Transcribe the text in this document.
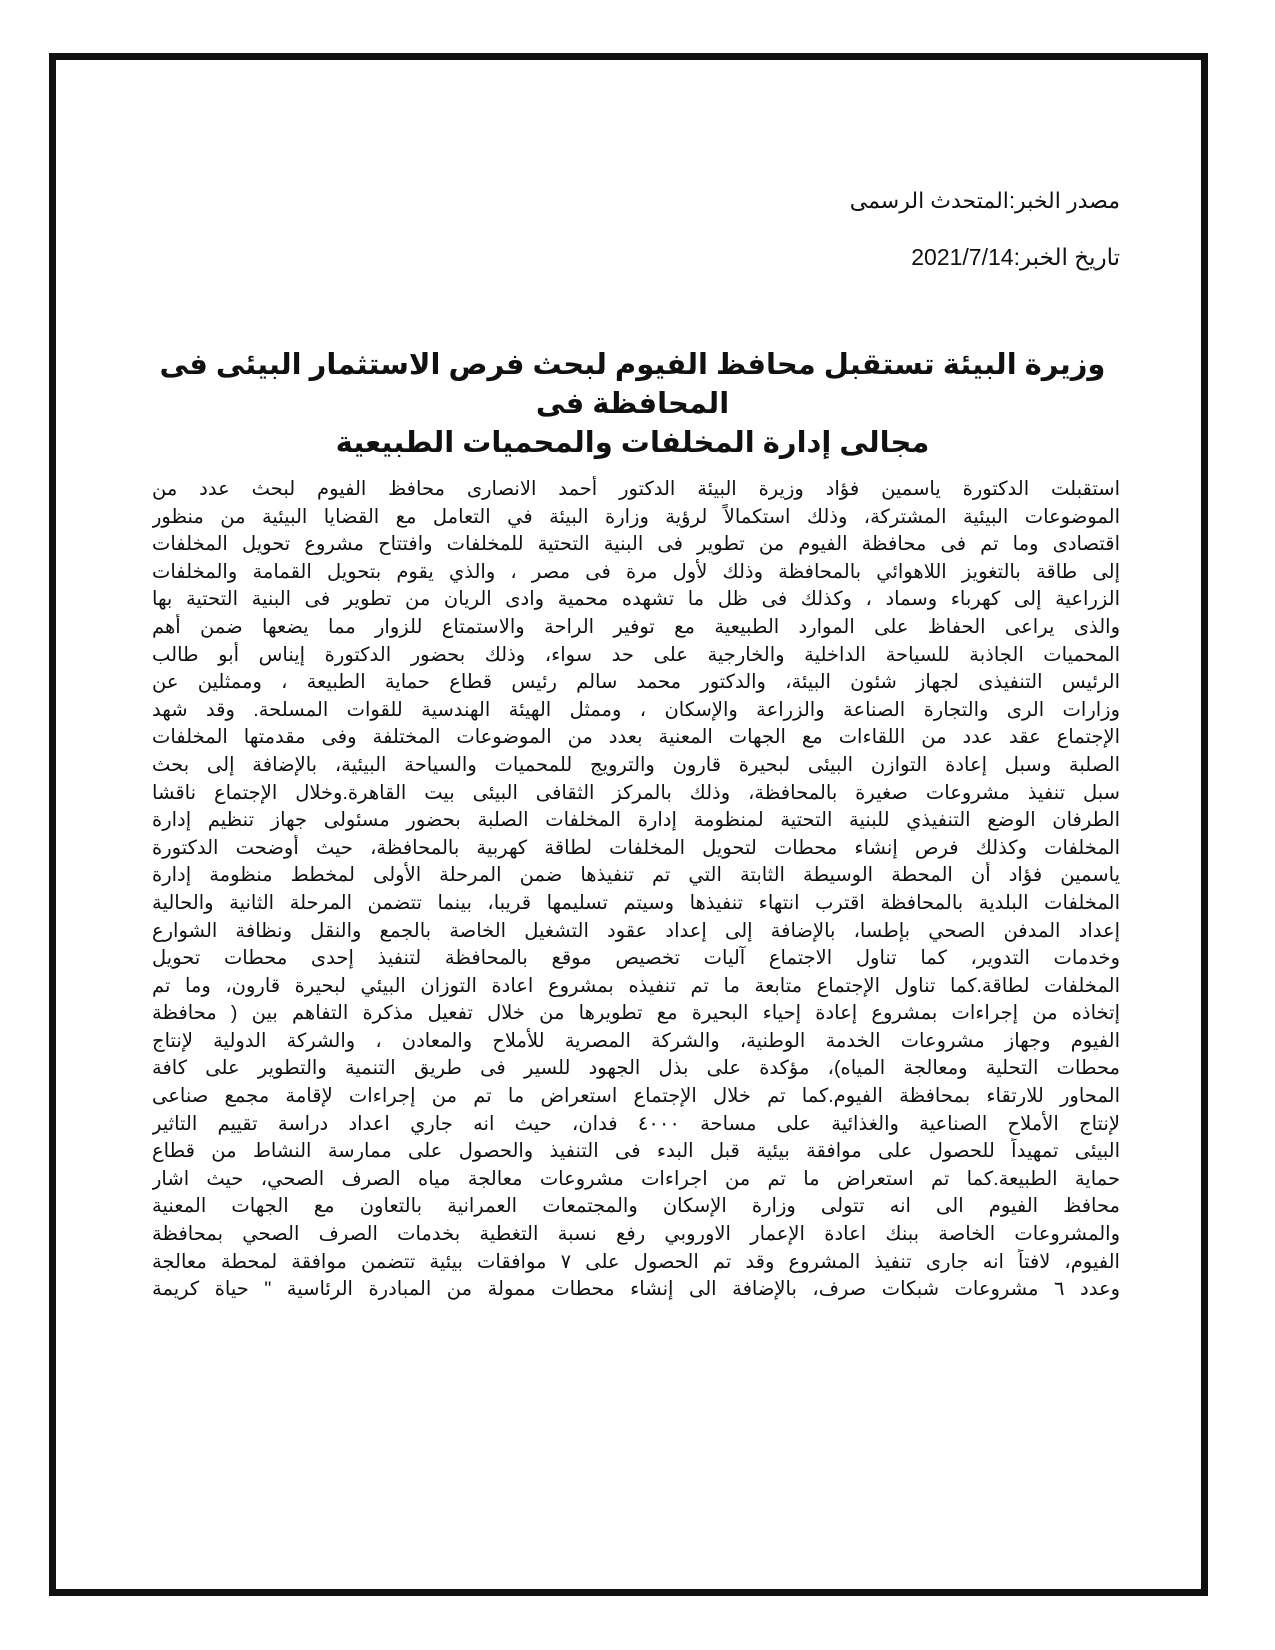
مصدر الخبر:المتحدث الرسمى
تاريخ الخبر:2021/7/14
وزيرة البيئة تستقبل محافظ الفيوم لبحث فرص الاستثمار البيئى فى المحافظة فى
مجالى إدارة المخلفات والمحميات الطبيعية
استقبلت الدكتورة ياسمين فؤاد وزيرة البيئة الدكتور أحمد الانصارى محافظ الفيوم لبحث عدد من
الموضوعات البيئية المشتركة، وذلك استكمالاً لرؤية وزارة البيئة في التعامل مع القضايا البيئية من منظور
اقتصادى وما تم فى محافظة الفيوم من تطوير فى البنية التحتية للمخلفات وافتتاح مشروع تحويل المخلفات
إلى طاقة بالتغويز اللاهوائي بالمحافظة وذلك لأول مرة فى مصر ، والذي يقوم بتحويل القمامة والمخلفات
الزراعية إلى كهرباء وسماد ، وكذلك فى ظل ما تشهده محمية وادى الريان من تطوير فى البنية التحتية بها
والذى يراعى الحفاظ على الموارد الطبيعية مع توفير الراحة والاستمتاع للزوار مما يضعها ضمن أهم
المحميات الجاذبة للسياحة الداخلية والخارجية على حد سواء، وذلك بحضور الدكتورة إيناس أبو طالب
الرئيس التنفيذى لجهاز شئون البيئة، والدكتور محمد سالم رئيس قطاع حماية الطبيعة ، وممثلين عن
وزارات الرى والتجارة الصناعة والزراعة والإسكان ، وممثل الهيئة الهندسية للقوات المسلحة. وقد شهد
الإجتماع عقد عدد من اللقاءات مع الجهات المعنية بعدد من الموضوعات المختلفة وفى مقدمتها المخلفات
الصلبة وسبل إعادة التوازن البيئى لبحيرة قارون والترويج للمحميات والسياحة البيئية، بالإضافة إلى بحث
سبل تنفيذ مشروعات صغيرة بالمحافظة، وذلك بالمركز الثقافى البيئى بيت القاهرة.وخلال الإجتماع ناقشا
الطرفان الوضع التنفيذي للبنية التحتية لمنظومة إدارة المخلفات الصلبة بحضور مسئولى جهاز تنظيم إدارة
المخلفات وكذلك فرص إنشاء محطات لتحويل المخلفات لطاقة كهربية بالمحافظة، حيث أوضحت الدكتورة
ياسمين فؤاد أن المحطة الوسيطة الثابتة التي تم تنفيذها ضمن المرحلة الأولى لمخطط منظومة إدارة
المخلفات البلدية بالمحافظة اقترب انتهاء تنفيذها وسيتم تسليمها قريبا، بينما تتضمن المرحلة الثانية والحالية
إعداد المدفن الصحي بإطسا، بالإضافة إلى إعداد عقود التشغيل الخاصة بالجمع والنقل ونظافة الشوارع
وخدمات التدوير، كما تناول الاجتماع آليات تخصيص موقع بالمحافظة لتنفيذ إحدى محطات تحويل
المخلفات لطاقة.كما تناول الإجتماع متابعة ما تم تنفيذه بمشروع اعادة التوزان البيئي لبحيرة قارون، وما تم
إتخاذه من إجراءات بمشروع إعادة إحياء البحيرة مع تطويرها من خلال تفعيل مذكرة التفاهم بين ( محافظة
الفيوم وجهاز مشروعات الخدمة الوطنية، والشركة المصرية للأملاح والمعادن ، والشركة الدولية لإنتاج
محطات التحلية ومعالجة المياه)، مؤكدة على بذل الجهود للسير فى طريق التنمية والتطوير على كافة
المحاور للارتقاء بمحافظة الفيوم.كما تم خلال الإجتماع استعراض ما تم من إجراءات لإقامة مجمع صناعى
لإنتاج الأملاح الصناعية والغذائية على مساحة ٤٠٠٠ فدان، حيث انه جاري اعداد دراسة تقييم التاثير
البيئى تمهيداً للحصول على موافقة بيئية قبل البدء فى التنفيذ والحصول على ممارسة النشاط من قطاع
حماية الطبيعة.كما تم استعراض ما تم من اجراءات مشروعات معالجة مياه الصرف الصحي، حيث اشار
محافظ الفيوم الى انه تتولى وزارة الإسكان والمجتمعات العمرانية بالتعاون مع الجهات المعنية
والمشروعات الخاصة ببنك اعادة الإعمار الاوروبي رفع نسبة التغطية بخدمات الصرف الصحي بمحافظة
الفيوم، لافتاً انه جارى تنفيذ المشروع وقد تم الحصول على ٧ موافقات بيئية تتضمن موافقة لمحطة معالجة
وعدد ٦ مشروعات شبكات صرف، بالإضافة الى إنشاء محطات ممولة من المبادرة الرئاسية " حياة كريمة
